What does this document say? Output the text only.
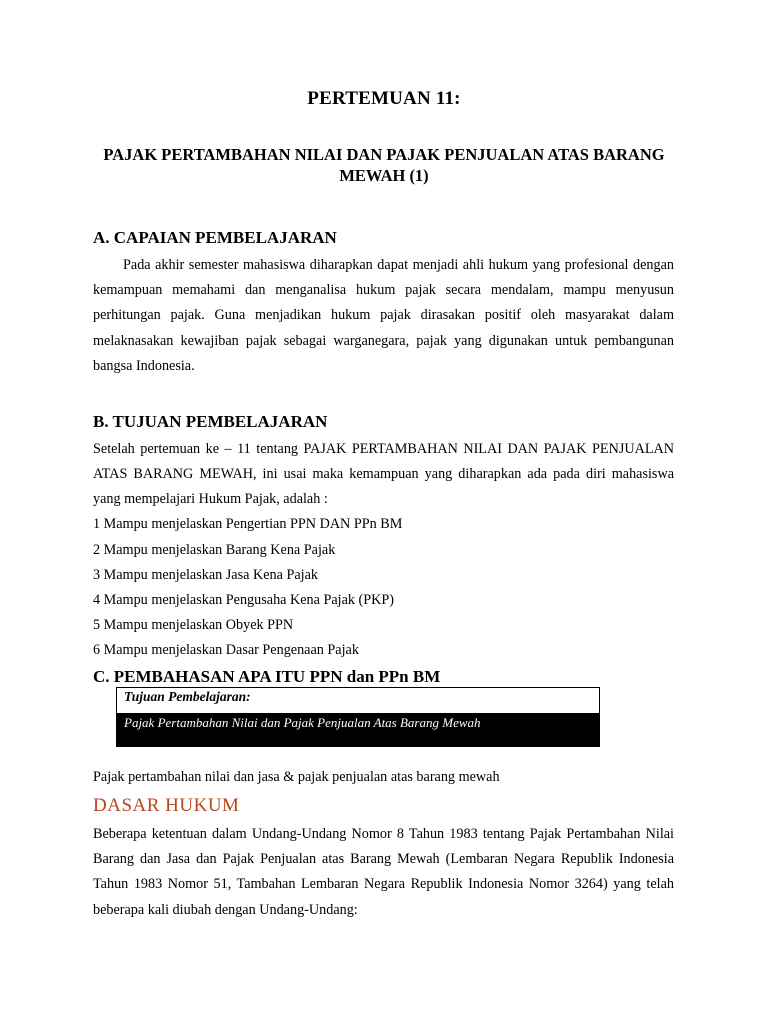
PERTEMUAN 11:
PAJAK PERTAMBAHAN NILAI DAN PAJAK PENJUALAN ATAS BARANG MEWAH (1)
A. CAPAIAN PEMBELAJARAN
Pada akhir semester mahasiswa diharapkan dapat menjadi ahli hukum yang profesional dengan kemampuan memahami dan menganalisa hukum pajak secara mendalam, mampu menyusun perhitungan pajak. Guna menjadikan hukum pajak dirasakan positif oleh masyarakat dalam melaknasakan kewajiban pajak sebagai warganegara, pajak yang digunakan untuk pembangunan bangsa Indonesia.
B. TUJUAN PEMBELAJARAN
Setelah pertemuan ke – 11 tentang PAJAK PERTAMBAHAN NILAI DAN PAJAK PENJUALAN ATAS BARANG MEWAH, ini usai maka kemampuan yang diharapkan ada pada diri mahasiswa yang mempelajari Hukum Pajak, adalah :
1 Mampu menjelaskan Pengertian PPN DAN PPn BM
2 Mampu menjelaskan Barang Kena Pajak
3 Mampu menjelaskan Jasa Kena Pajak
4 Mampu menjelaskan Pengusaha Kena Pajak (PKP)
5 Mampu menjelaskan Obyek PPN
6 Mampu menjelaskan Dasar Pengenaan Pajak
C. PEMBAHASAN APA ITU PPN dan PPn BM
Tujuan Pembelajaran:
Pajak Pertambahan Nilai dan Pajak Penjualan Atas Barang Mewah
Pajak pertambahan nilai dan jasa & pajak penjualan atas barang mewah
DASAR HUKUM
Beberapa ketentuan dalam Undang-Undang Nomor 8 Tahun 1983 tentang Pajak Pertambahan Nilai Barang dan Jasa dan Pajak Penjualan atas Barang Mewah (Lembaran Negara Republik Indonesia Tahun 1983 Nomor 51, Tambahan Lembaran Negara Republik Indonesia Nomor 3264) yang telah beberapa kali diubah dengan Undang-Undang:
